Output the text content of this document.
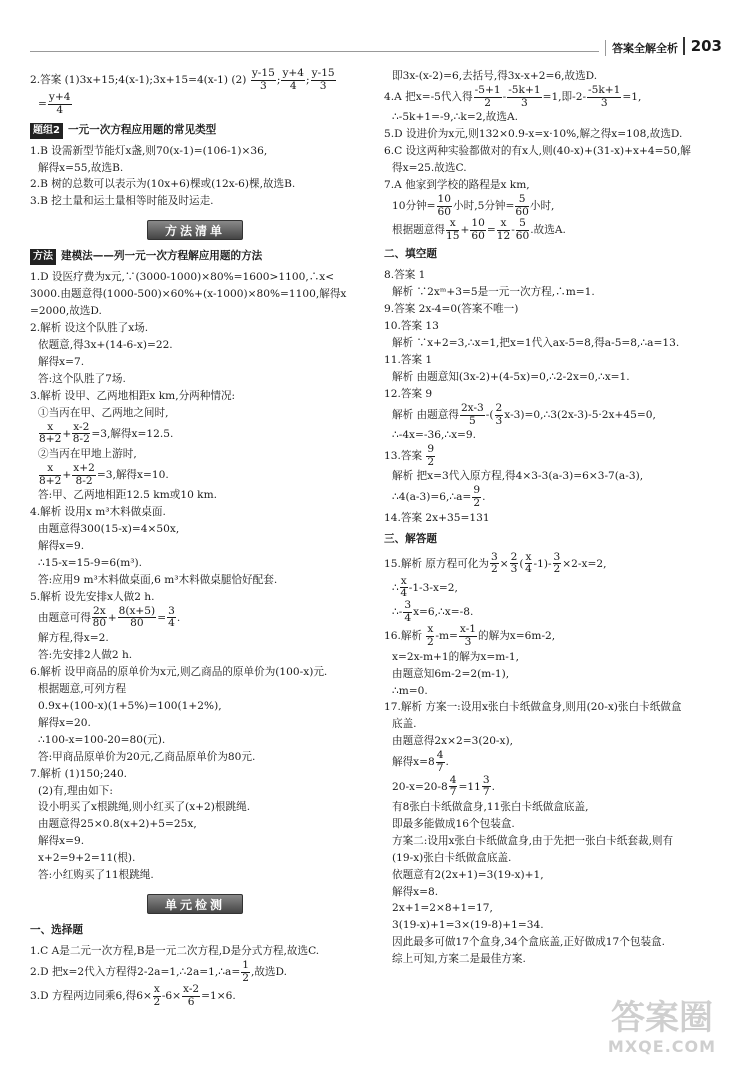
答案全解全析 203
2.答案 (1)3x+15;4(x-1);3x+15=4(x-1) $(2) \frac{y-15}{3}$ ; $\frac{y+4}{4}$ ; $\frac{y-15}{3}$
= $\frac{y+4}{4}$
题组2 一元一次方程应用题的常见类型
1.B 设需新型节能灯x盏,则70(x-1)=(106-1)×36,
解得x=55,故选B.
2.B 树的总数可以表示为(10x+6)棵或(12x-6)棵,故选B.
3.B 挖土量和运土量相等时能及时运走.
方法清单
方法 建模法——列一元一次方程解应用题的方法
1.D 设医疗费为x元,∵(3000-1000)×80%=1600>1100,∴x<
3000.由题意得(1000-500)×60%+(x-1000)×80%=1100,解得x
=2000,故选D.
2.解析 设这个队胜了x场.
依题意,得3x+(14-6-x)=22.
解得x=7.
答:这个队胜了7场.
3.解析 设甲、乙两地相距x km,分两种情况:
①当丙在甲、乙两地之间时,
$\frac{x}{8+2} + \frac{x-2}{8-2} =3$,解得x=12.5.
②当丙在甲地上游时,
$\frac{x}{8+2} + \frac{x+2}{8-2} =3$,解得x=10.
答:甲、乙两地相距12.5 km或10 km.
4.解析 设用x m³木料做桌面.
由题意得300(15-x)=4×50x,
解得x=9.
∴15-x=15-9=6(m³).
答:应用9 m³木料做桌面,6 m³木料做桌腿恰好配套.
5.解析 设先安排x人做2 h.
由题意可得 $\frac{2x}{80} + \frac{8(x+5)}{80} = \frac{3}{4}$ .
解方程,得x=2.
答:先安排2人做2 h.
6.解析 设甲商品的原单价为x元,则乙商品的原单价为(100-x)元.
根据题意,可列方程
0.9x+(100-x)(1+5%)=100(1+2%),
解得x=20.
∴100-x=100-20=80(元).
答:甲商品原单价为20元,乙商品原单价为80元.
7.解析 (1)150;240.
(2)有,理由如下:
设小明买了x根跳绳,则小红买了(x+2)根跳绳.
由题意得25×0.8(x+2)+5=25x,
解得x=9.
x+2=9+2=11(根).
答:小红购买了11根跳绳.
单元检测
一、选择题
1.C A是二元一次方程,B是一元二次方程,D是分式方程,故选C.
2.D 把x=2代入方程得2-2a=1,∴2a=1,∴a= $\frac{1}{2}$ ,故选D.
3.D 方程两边同乘6,得$6\times \frac{x}{2} -6\times \frac{x-2}{6} =1\times 6$.
即3x-(x-2)=6,去括号,得3x-x+2=6,故选D.
4.A 把x=-5代入得 $\frac{-5+1}{2} - \frac{-5k+1}{3} =1$,即$-2- \frac{-5k+1}{3} =1$,
∴-5k+1=-9,∴k=2,故选A.
5.D 设进价为x元,则132×0.9-x=x·10%,解之得x=108,故选D.
6.C 设这两种实验都做对的有x人,则(40-x)+(31-x)+x+4=50,解
得x=25.故选C.
7.A 他家到学校的路程是x km,
10分钟= $\frac{10}{60}$ 小时,5分钟= $\frac{5}{60}$ 小时,
根据题意得 $\frac{x}{15} + \frac{10}{60} = \frac{x}{12} - \frac{5}{60}$ .故选A.
二、填空题
8.答案 1
解析 ∵2xᵐ+3=5是一元一次方程,∴m=1.
9.答案 2x-4=0(答案不唯一)
10.答案 13
解析 ∵x+2=3,∴x=1,把x=1代入ax-5=8,得a-5=8,∴a=13.
11.答案 1
解析 由题意知(3x-2)+(4-5x)=0,∴2-2x=0,∴x=1.
12.答案 9
解析 由题意得 $\frac{2x-3}{5}$ -( $\frac{2}{3}$ x-3)=0,∴3(2x-3)-5·2x+45=0,
∴-4x=-36,∴x=9.
13.答案 $\frac{9}{2}$
解析 把x=3代入原方程,得4×3-3(a-3)=6×3-7(a-3),
∴4(a-3)=6,∴a= $\frac{9}{2}$ .
14.答案 2x+35=131
三、解答题
15.解析 原方程可化为 $\frac{3}{2} \times \frac{2}{3}$ ( $\frac{x}{4} -1)- \frac{3}{2} \times 2-x=2$,
∴ $\frac{x}{4} -1-3-x=2$,
∴- $\frac{3}{4}$ x=6,∴x=-8.
16.解析 $\frac{x}{2} -m= \frac{x-1}{3}$ 的解为x=6m-2,
x=2x-m+1的解为x=m-1,
由题意知6m-2=2(m-1),
∴m=0.
17.解析 方案一:设用x张白卡纸做盒身,则用(20-x)张白卡纸做盒
底盖.
由题意得2x×2=3(20-x),
解得$x=8 \frac{4}{7}$ .
$20-x=20-8 \frac{4}{7} =11 \frac{3}{7}$ .
有8张白卡纸做盒身,11张白卡纸做盒底盖,
即最多能做成16个包装盒.
方案二:设用x张白卡纸做盒身,由于先把一张白卡纸套裁,则有
(19-x)张白卡纸做盒底盖.
依题意有2(2x+1)=3(19-x)+1,
解得x=8.
2x+1=2×8+1=17,
3(19-x)+1=3×(19-8)+1=34.
因此最多可做17个盒身,34个盒底盖,正好做成17个包装盒.
综上可知,方案二是最佳方案.
答案圈
MXQE.COM
